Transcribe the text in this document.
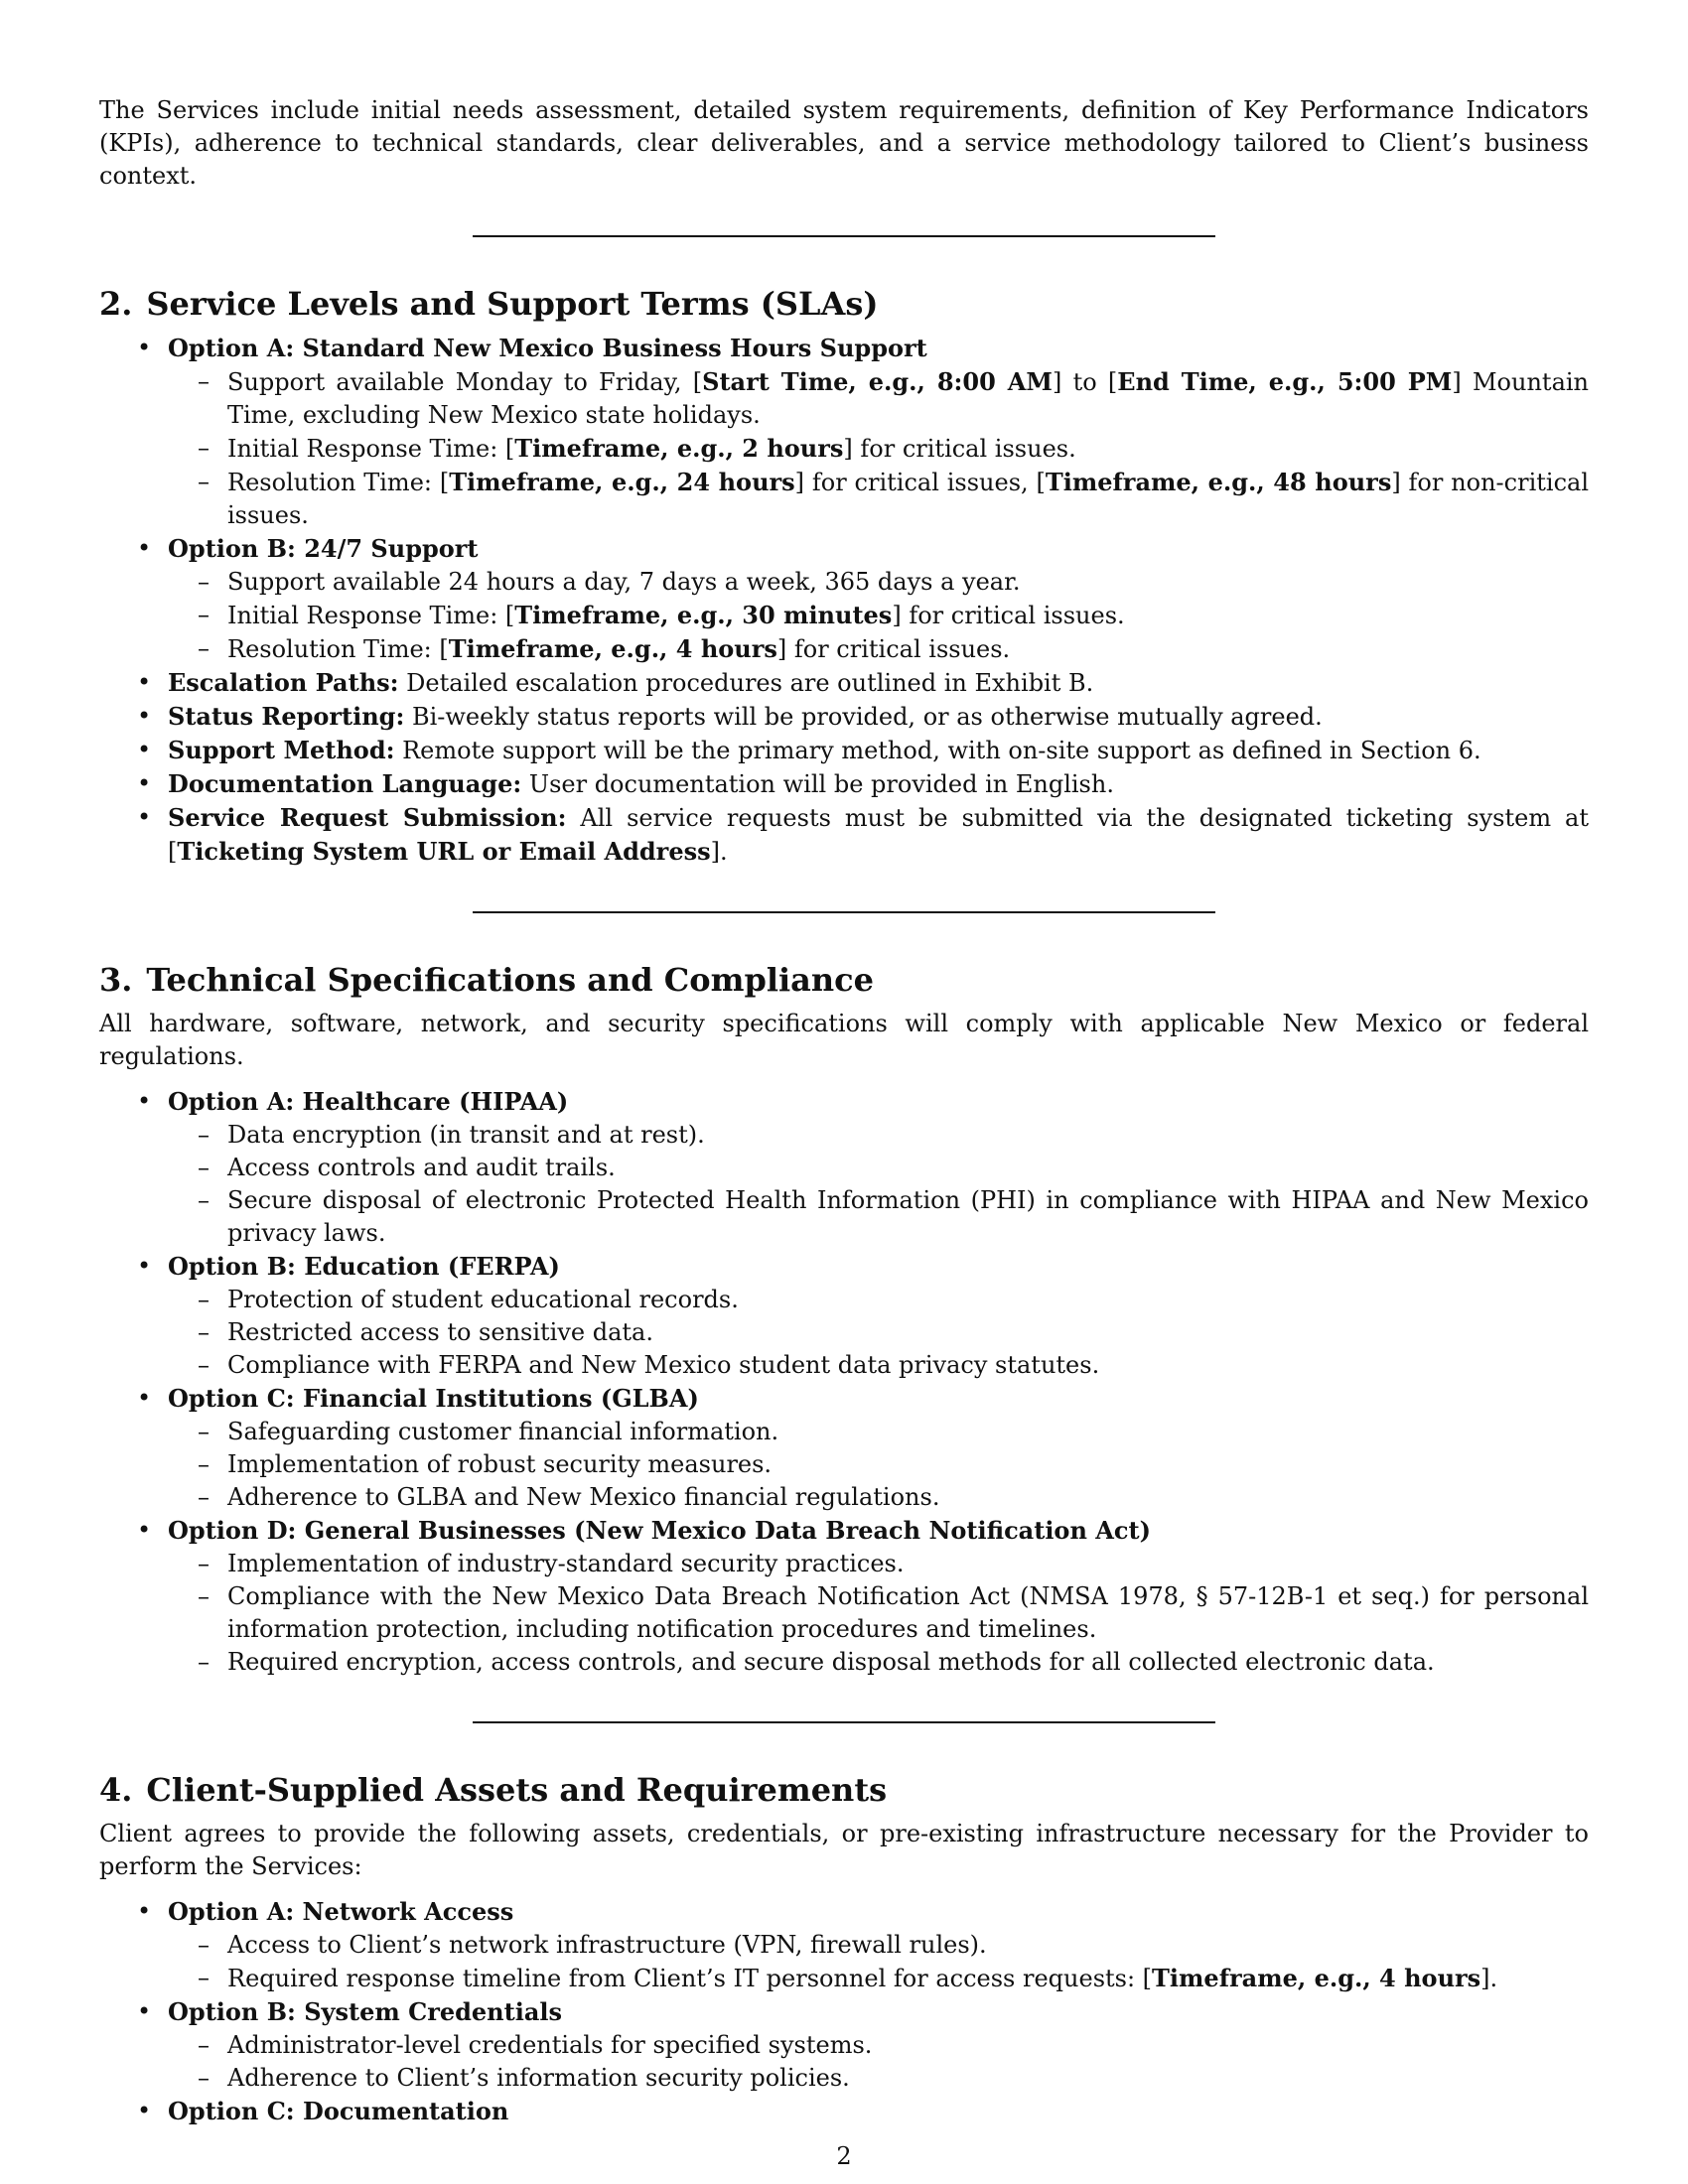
The Services include initial needs assessment, detailed system requirements, definition of Key Performance Indicators (KPIs), adherence to technical standards, clear deliverables, and a service methodology tailored to Client’s business context.

2. Service Levels and Support Terms (SLAs)
• Option A: Standard New Mexico Business Hours Support
– Support available Monday to Friday, [Start Time, e.g., 8:00 AM] to [End Time, e.g., 5:00 PM] Mountain Time, excluding New Mexico state holidays.
– Initial Response Time: [Timeframe, e.g., 2 hours] for critical issues.
– Resolution Time: [Timeframe, e.g., 24 hours] for critical issues, [Timeframe, e.g., 48 hours] for non-critical issues.
• Option B: 24/7 Support
– Support available 24 hours a day, 7 days a week, 365 days a year.
– Initial Response Time: [Timeframe, e.g., 30 minutes] for critical issues.
– Resolution Time: [Timeframe, e.g., 4 hours] for critical issues.
• Escalation Paths: Detailed escalation procedures are outlined in Exhibit B.
• Status Reporting: Bi-weekly status reports will be provided, or as otherwise mutually agreed.
• Support Method: Remote support will be the primary method, with on-site support as defined in Section 6.
• Documentation Language: User documentation will be provided in English.
• Service Request Submission: All service requests must be submitted via the designated ticketing system at [Ticketing System URL or Email Address].
3. Technical Specifications and Compliance

All hardware, software, network, and security specifications will comply with applicable New Mexico or federal regulations.

• Option A: Healthcare (HIPAA)
– Data encryption (in transit and at rest).
– Access controls and audit trails.
– Secure disposal of electronic Protected Health Information (PHI) in compliance with HIPAA and New Mexico privacy laws.
• Option B: Education (FERPA)
– Protection of student educational records.
– Restricted access to sensitive data.
– Compliance with FERPA and New Mexico student data privacy statutes.
• Option C: Financial Institutions (GLBA)
– Safeguarding customer financial information.
– Implementation of robust security measures.
– Adherence to GLBA and New Mexico financial regulations.
• Option D: General Businesses (New Mexico Data Breach Notification Act)
– Implementation of industry-standard security practices.
– Compliance with the New Mexico Data Breach Notification Act (NMSA 1978, § 57-12B-1 et seq.) for personal information protection, including notification procedures and timelines.
– Required encryption, access controls, and secure disposal methods for all collected electronic data.
4. Client-Supplied Assets and Requirements

Client agrees to provide the following assets, credentials, or pre-existing infrastructure necessary for the Provider to perform the Services:

• Option A: Network Access
– Access to Client’s network infrastructure (VPN, firewall rules).
– Required response timeline from Client’s IT personnel for access requests: [Timeframe, e.g., 4 hours].
• Option B: System Credentials
– Administrator-level credentials for specified systems.
– Adherence to Client’s information security policies.
• Option C: Documentation
2
